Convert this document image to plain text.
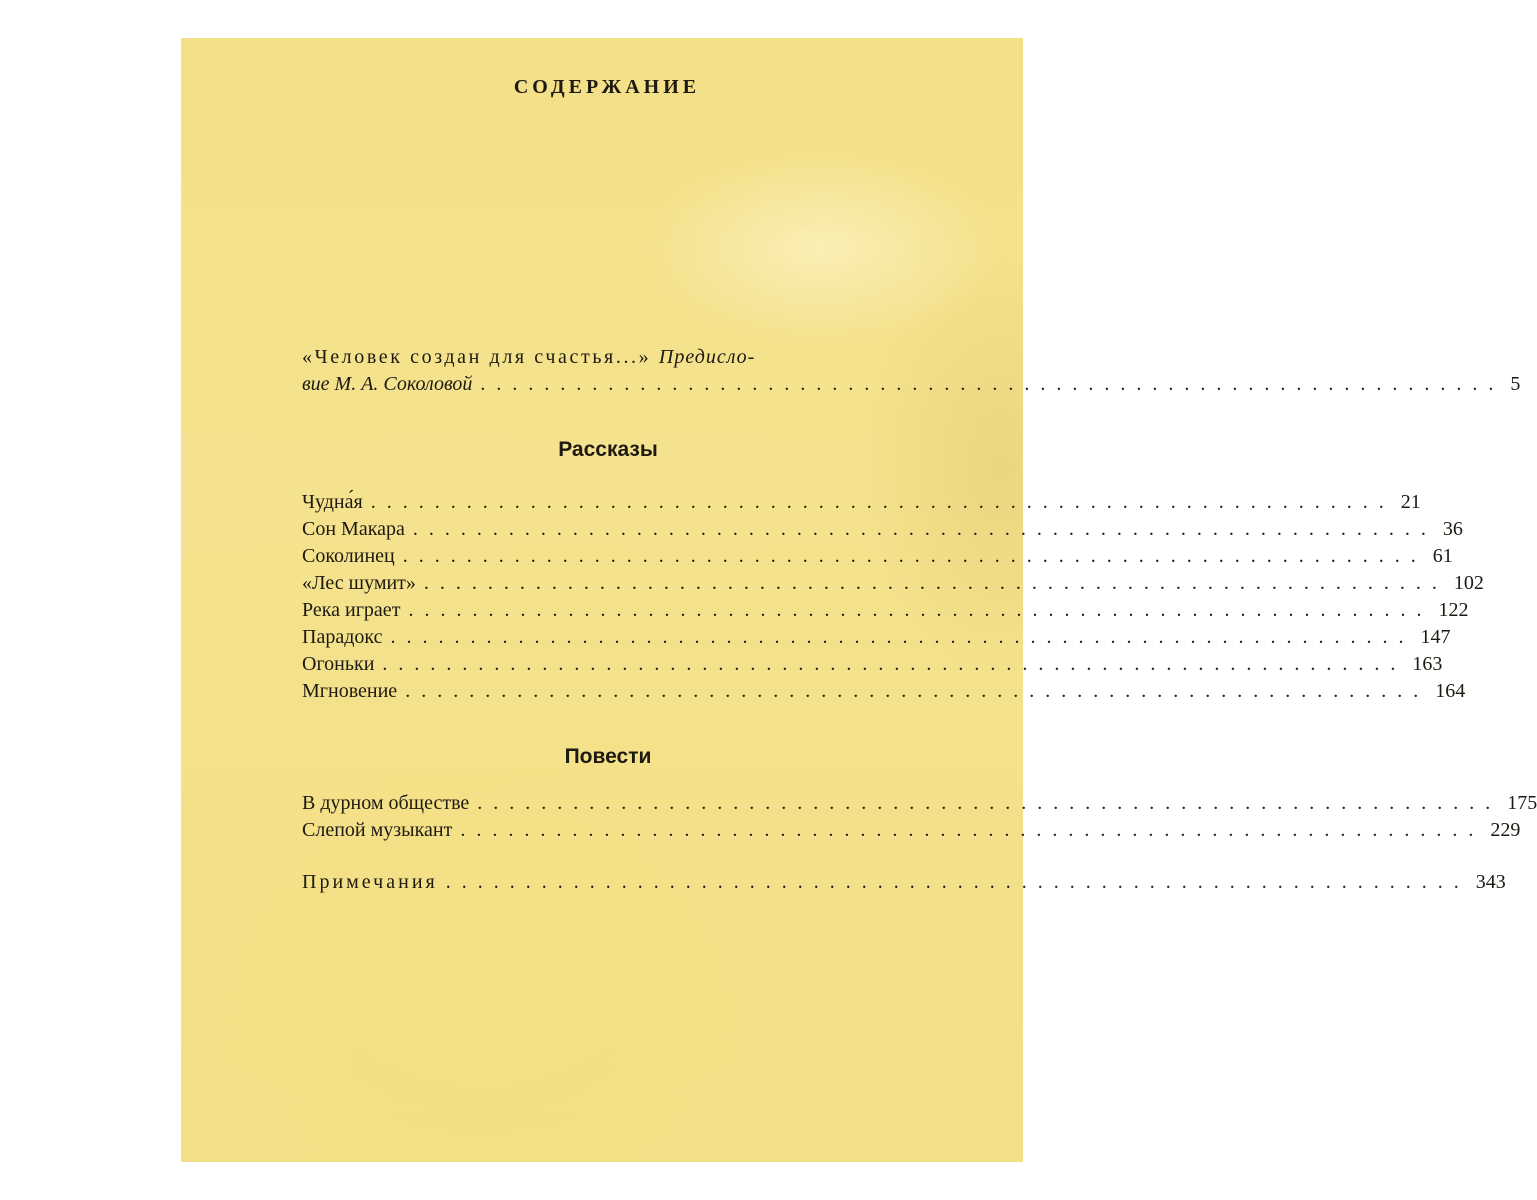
СОДЕРЖАНИЕ
«Человек создан для счастья...» Предисло-
вие М. А. Соколовой ................................................................ 5
Рассказы
Чудна́я ................................................................ 21
Сон Макара ................................................................ 36
Соколинец ................................................................ 61
«Лес шумит» ................................................................ 102
Река играет ................................................................ 122
Парадокс ................................................................ 147
Огоньки ................................................................ 163
Мгновение ................................................................ 164
Повести
В дурном обществе ................................................................ 175
Слепой музыкант ................................................................ 229
Примечания ................................................................ 343
